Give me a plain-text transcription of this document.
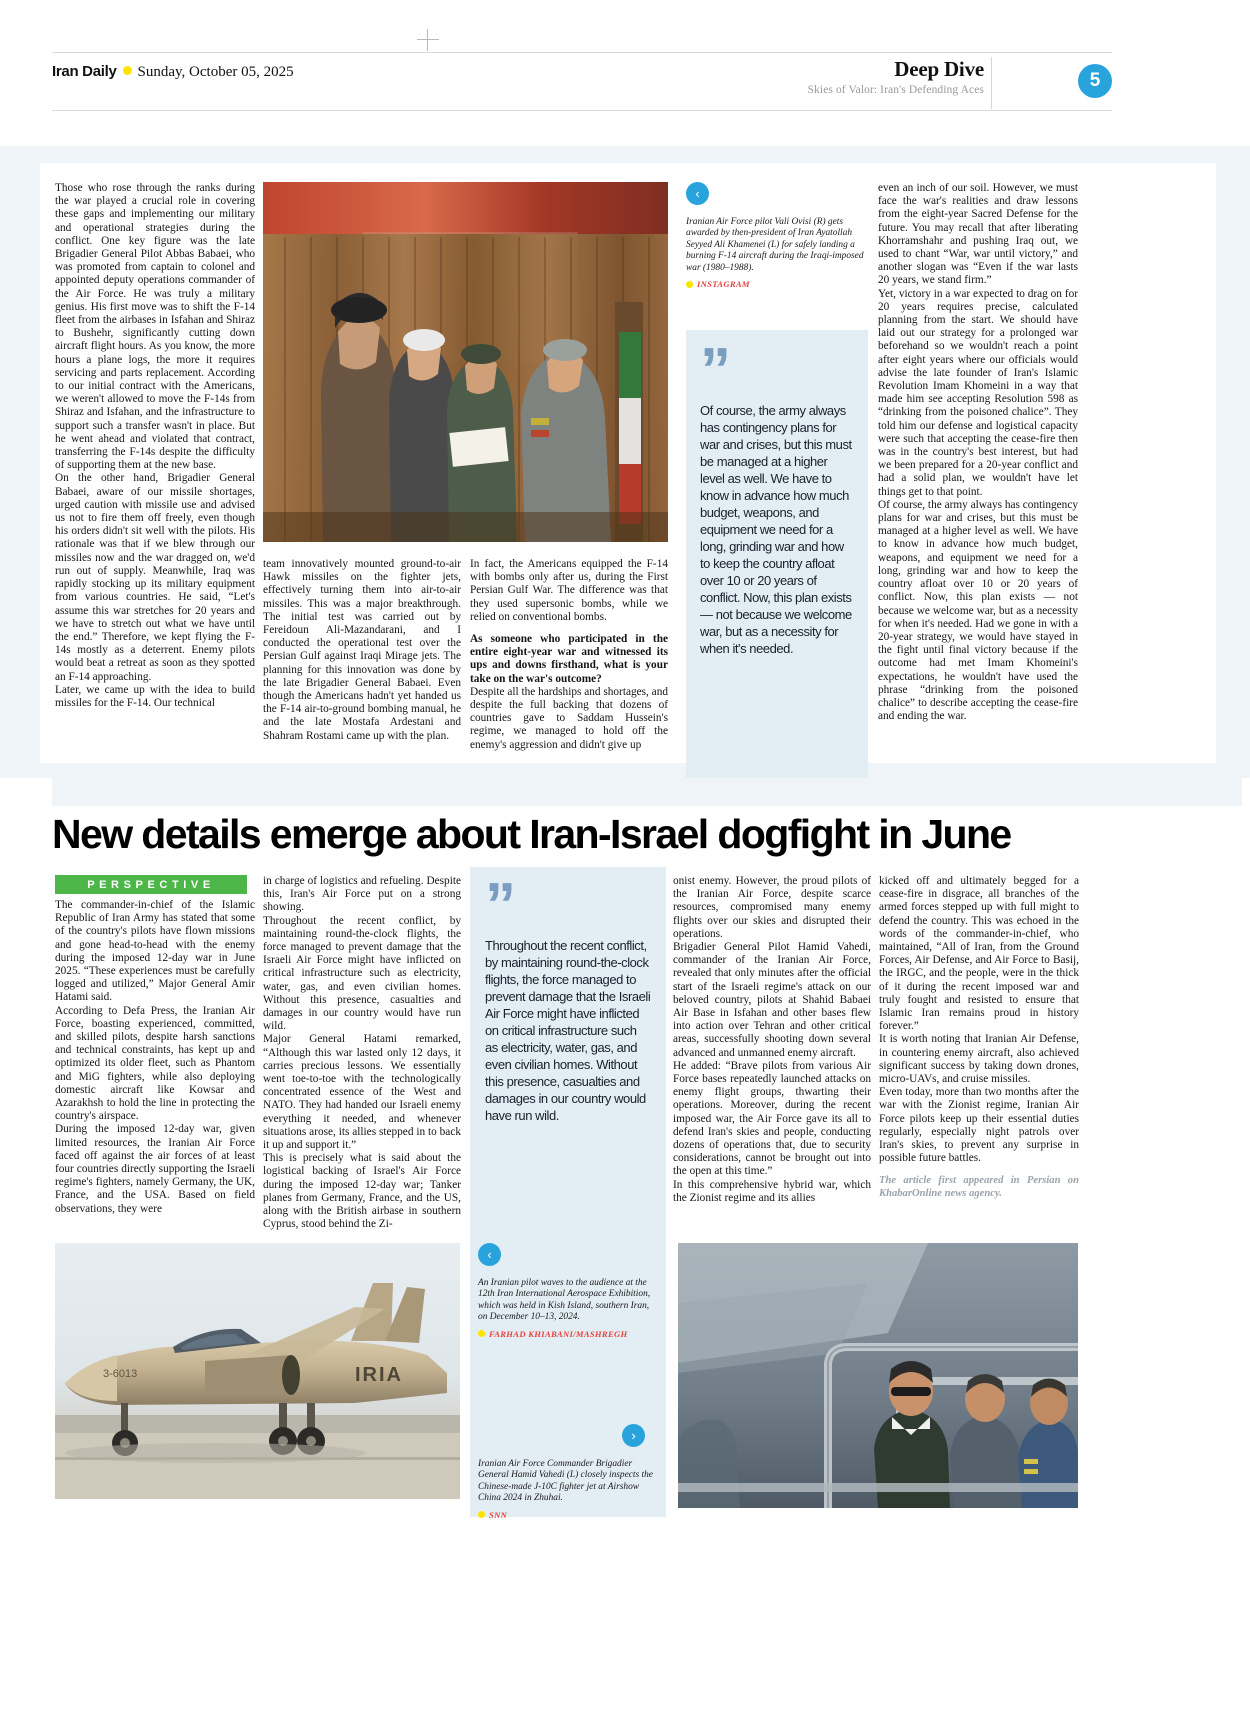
Iran Daily Sunday, October 05, 2025	Deep Dive
Skies of Valor: Iran's Defending Aces	5

Those who rose through the ranks during the war played a crucial role in covering these gaps and implementing our military and operational strategies during the conflict. One key figure was the late Brigadier General Pilot Abbas Babaei, who was promoted from captain to colonel and appointed deputy operations commander of the Air Force. He was truly a military genius. His first move was to shift the F-14 fleet from the airbases in Isfahan and Shiraz to Bushehr, significantly cutting down aircraft flight hours. As you know, the more hours a plane logs, the more it requires servicing and parts replacement. According to our initial contract with the Americans, we weren't allowed to move the F-14s from Shiraz and Isfahan, and the infrastructure to support such a transfer wasn't in place. But he went ahead and violated that contract, transferring the F-14s despite the difficulty of supporting them at the new base.

On the other hand, Brigadier General Babaei, aware of our missile shortages, urged caution with missile use and advised us not to fire them off freely, even though his orders didn't sit well with the pilots. His rationale was that if we blew through our missiles now and the war dragged on, we'd run out of supply. Meanwhile, Iraq was rapidly stocking up its military equipment from various countries. He said, “Let's assume this war stretches for 20 years and we have to stretch out what we have until the end.” Therefore, we kept flying the F-14s mostly as a deterrent. Enemy pilots would beat a retreat as soon as they spotted an F-14 approaching.

Later, we came up with the idea to build missiles for the F-14. Our technical

team innovatively mounted ground-to-air Hawk missiles on the fighter jets, effectively turning them into air-to-air missiles. This was a major breakthrough. The initial test was carried out by Fereidoun Ali-Mazandarani, and I conducted the operational test over the Persian Gulf against Iraqi Mirage jets. The planning for this innovation was done by the late Brigadier General Babaei. Even though the Americans hadn't yet handed us the F-14 air-to-ground bombing manual, he and the late Mostafa Ardestani and Shahram Rostami came up with the plan.

In fact, the Americans equipped the F-14 with bombs only after us, during the First Persian Gulf War. The difference was that they used supersonic bombs, while we relied on conventional bombs.

As someone who participated in the entire eight-year war and witnessed its ups and downs firsthand, what is your take on the war's outcome?

Despite all the hardships and shortages, and despite the full backing that dozens of countries gave to Saddam Hussein's regime, we managed to hold off the enemy's aggression and didn't give up

even an inch of our soil. However, we must face the war's realities and draw lessons from the eight-year Sacred Defense for the future. You may recall that after liberating Khorramshahr and pushing Iraq out, we used to chant “War, war until victory,” and another slogan was “Even if the war lasts 20 years, we stand firm.”

Yet, victory in a war expected to drag on for 20 years requires precise, calculated planning from the start. We should have laid out our strategy for a prolonged war beforehand so we wouldn't reach a point after eight years where our officials would advise the late founder of Iran's Islamic Revolution Imam Khomeini in a way that made him see accepting Resolution 598 as “drinking from the poisoned chalice”. They told him our defense and logistical capacity were such that accepting the cease-fire then was in the country's best interest, but had we been prepared for a 20-year conflict and had a solid plan, we wouldn't have let things get to that point.

Of course, the army always has contingency plans for war and crises, but this must be managed at a higher level as well. We have to know in advance how much budget, weapons, and equipment we need for a long, grinding war and how to keep the country afloat over 10 or 20 years of conflict. Now, this plan exists — not because we welcome war, but as a necessity for when it's needed. Had we gone in with a 20-year strategy, we would have stayed in the fight until final victory because if the outcome had met Imam Khomeini's expectations, he wouldn't have used the phrase “drinking from the poisoned chalice” to describe accepting the cease-fire and ending the war.

‹
Iranian Air Force pilot Vali Ovisi (R) gets awarded by then-president of Iran Ayatollah Seyyed Ali Khamenei (L) for safely landing a burning F-14 aircraft during the Iraqi-imposed war (1980–1988).
INSTAGRAM
”
Of course, the army always has contingency plans for war and crises, but this must be managed at a higher level as well. We have to know in advance how much budget, weapons, and equipment we need for a long, grinding war and how to keep the country afloat over 10 or 20 years of conflict. Now, this plan exists — not because we welcome war, but as a necessity for when it's needed.
New details emerge about Iran-Israel dogfight in June
PERSPECTIVE

The commander-in-chief of the Islamic Republic of Iran Army has stated that some of the country's pilots have flown missions and gone head-to-head with the enemy during the imposed 12-day war in June 2025. “These experiences must be carefully logged and utilized,” Major General Amir Hatami said.

According to Defa Press, the Iranian Air Force, boasting experienced, committed, and skilled pilots, despite harsh sanctions and technical constraints, has kept up and optimized its older fleet, such as Phantom and MiG fighters, while also deploying domestic aircraft like Kowsar and Azarakhsh to hold the line in protecting the country's airspace.

During the imposed 12-day war, given limited resources, the Iranian Air Force faced off against the air forces of at least four countries directly supporting the Israeli regime's fighters, namely Germany, the UK, France, and the USA. Based on field observations, they were

in charge of logistics and refueling. Despite this, Iran's Air Force put on a strong showing.

Throughout the recent conflict, by maintaining round-the-clock flights, the force managed to prevent damage that the Israeli Air Force might have inflicted on critical infrastructure such as electricity, water, gas, and even civilian homes. Without this presence, casualties and damages in our country would have run wild.

Major General Hatami remarked, “Although this war lasted only 12 days, it carries precious lessons. We essentially went toe-to-toe with the technologically concentrated essence of the West and NATO. They had handed our Israeli enemy everything it needed, and whenever situations arose, its allies stepped in to back it up and support it.”

This is precisely what is said about the logistical backing of Israel's Air Force during the imposed 12-day war; Tanker planes from Germany, France, and the US, along with the British airbase in southern Cyprus, stood behind the Zi-

onist enemy. However, the proud pilots of the Iranian Air Force, despite scarce resources, compromised many enemy flights over our skies and disrupted their operations.

Brigadier General Pilot Hamid Vahedi, commander of the Iranian Air Force, revealed that only minutes after the official start of the Israeli regime's attack on our beloved country, pilots at Shahid Babaei Air Base in Isfahan and other bases flew into action over Tehran and other critical areas, successfully shooting down several advanced and unmanned enemy aircraft.

He added: “Brave pilots from various Air Force bases repeatedly launched attacks on enemy flight groups, thwarting their operations. Moreover, during the recent imposed war, the Air Force gave its all to defend Iran's skies and people, conducting dozens of operations that, due to security considerations, cannot be brought out into the open at this time.”

In this comprehensive hybrid war, which the Zionist regime and its allies

kicked off and ultimately begged for a cease-fire in disgrace, all branches of the armed forces stepped up with full might to defend the country. This was echoed in the words of the commander-in-chief, who maintained, “All of Iran, from the Ground Forces, Air Defense, and Air Force to Basij, the IRGC, and the people, were in the thick of it during the recent imposed war and truly fought and resisted to ensure that Islamic Iran remains proud in history forever.”

It is worth noting that Iranian Air Defense, in countering enemy aircraft, also achieved significant success by taking down drones, micro-UAVs, and cruise missiles.

Even today, more than two months after the war with the Zionist regime, Iranian Air Force pilots keep up their essential duties regularly, especially night patrols over Iran's skies, to prevent any surprise in possible future battles.

The article first appeared in Persian on KhabarOnline news agency.
”
Throughout the recent conflict, by maintaining round-the-clock flights, the force managed to prevent damage that the Israeli Air Force might have inflicted on critical infrastructure such as electricity, water, gas, and even civilian homes. Without this presence, casualties and damages in our country would have run wild.
IRIA
3-6013
‹
An Iranian pilot waves to the audience at the 12th Iran International Aerospace Exhibition, which was held in Kish Island, southern Iran, on December 10–13, 2024.
FARHAD KHIABANI/MASHREGH
›
Iranian Air Force Commander Brigadier General Hamid Vahedi (L) closely inspects the Chinese-made J-10C fighter jet at Airshow China 2024 in Zhuhai.
SNN
